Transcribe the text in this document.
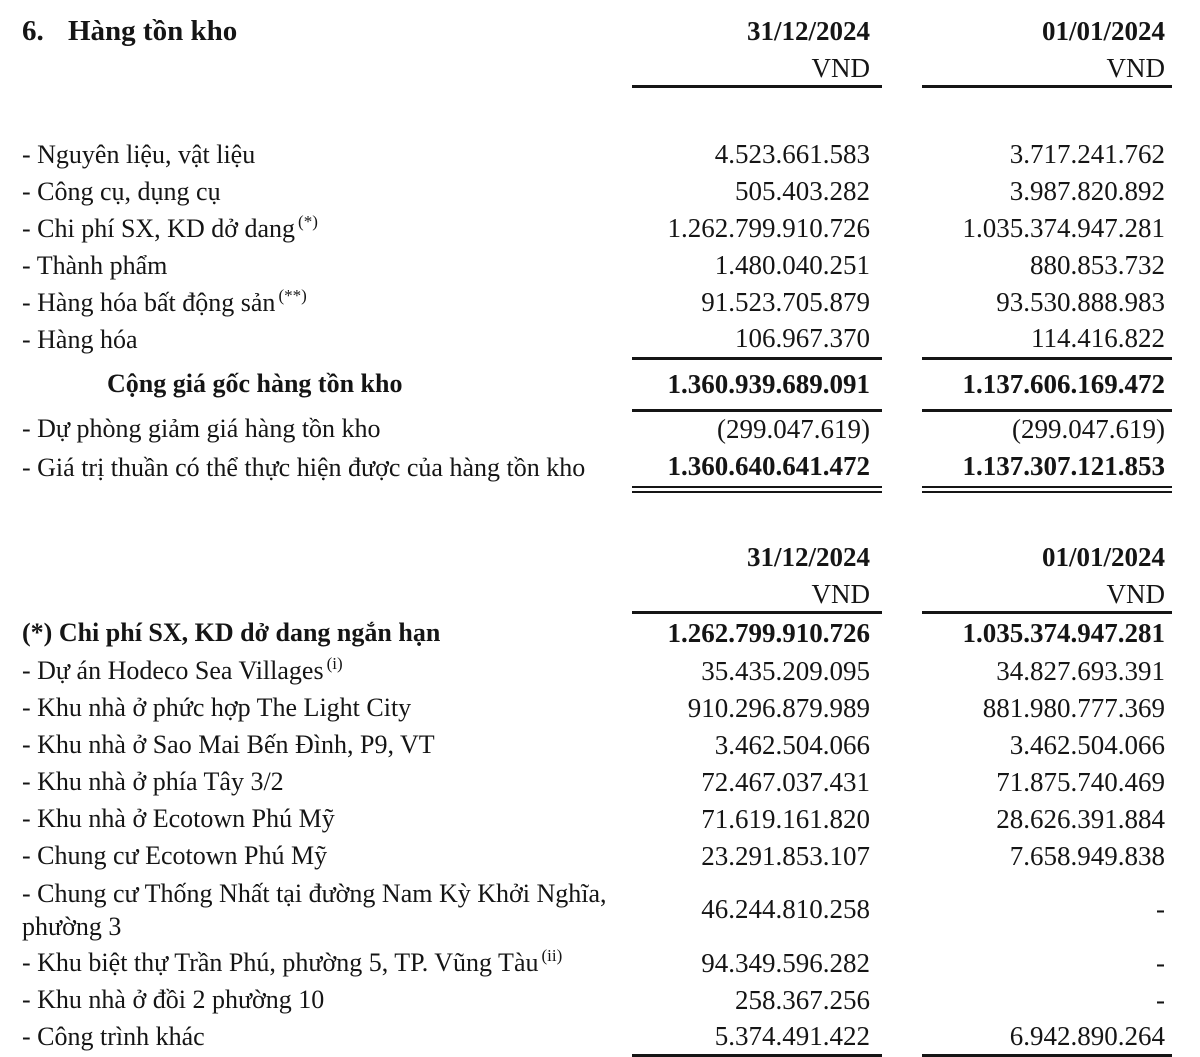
6. Hàng tồn kho	31/12/2024		01/01/2024
	VND		VND

- Nguyên liệu, vật liệu	4.523.661.583		3.717.241.762
- Công cụ, dụng cụ	505.403.282		3.987.820.892
- Chi phí SX, KD dở dang (*)	1.262.799.910.726		1.035.374.947.281
- Thành phẩm	1.480.040.251		880.853.732
- Hàng hóa bất động sản (**)	91.523.705.879		93.530.888.983
- Hàng hóa	106.967.370		114.416.822
Cộng giá gốc hàng tồn kho	1.360.939.689.091		1.137.606.169.472
- Dự phòng giảm giá hàng tồn kho	(299.047.619)		(299.047.619)
- Giá trị thuần có thể thực hiện được của hàng tồn kho	1.360.640.641.472		1.137.307.121.853
	31/12/2024		01/01/2024
	VND		VND
(*) Chi phí SX, KD dở dang ngắn hạn	1.262.799.910.726		1.035.374.947.281
- Dự án Hodeco Sea Villages $^{(i)}$	35.435.209.095		34.827.693.391
- Khu nhà ở phức hợp The Light City	910.296.879.989		881.980.777.369
- Khu nhà ở Sao Mai Bến Đình, P9, VT	3.462.504.066		3.462.504.066
- Khu nhà ở phía Tây 3/2	72.467.037.431		71.875.740.469
- Khu nhà ở Ecotown Phú Mỹ	71.619.161.820		28.626.391.884
- Chung cư Ecotown Phú Mỹ	23.291.853.107		7.658.949.838
- Chung cư Thống Nhất tại đường Nam Kỳ Khởi Nghĩa, phường 3	46.244.810.258		-
- Khu biệt thự Trần Phú, phường 5, TP. Vũng Tàu $^{(ii)}$	94.349.596.282		-
- Khu nhà ở đồi 2 phường 10	258.367.256		-
- Công trình khác	5.374.491.422		6.942.890.264
